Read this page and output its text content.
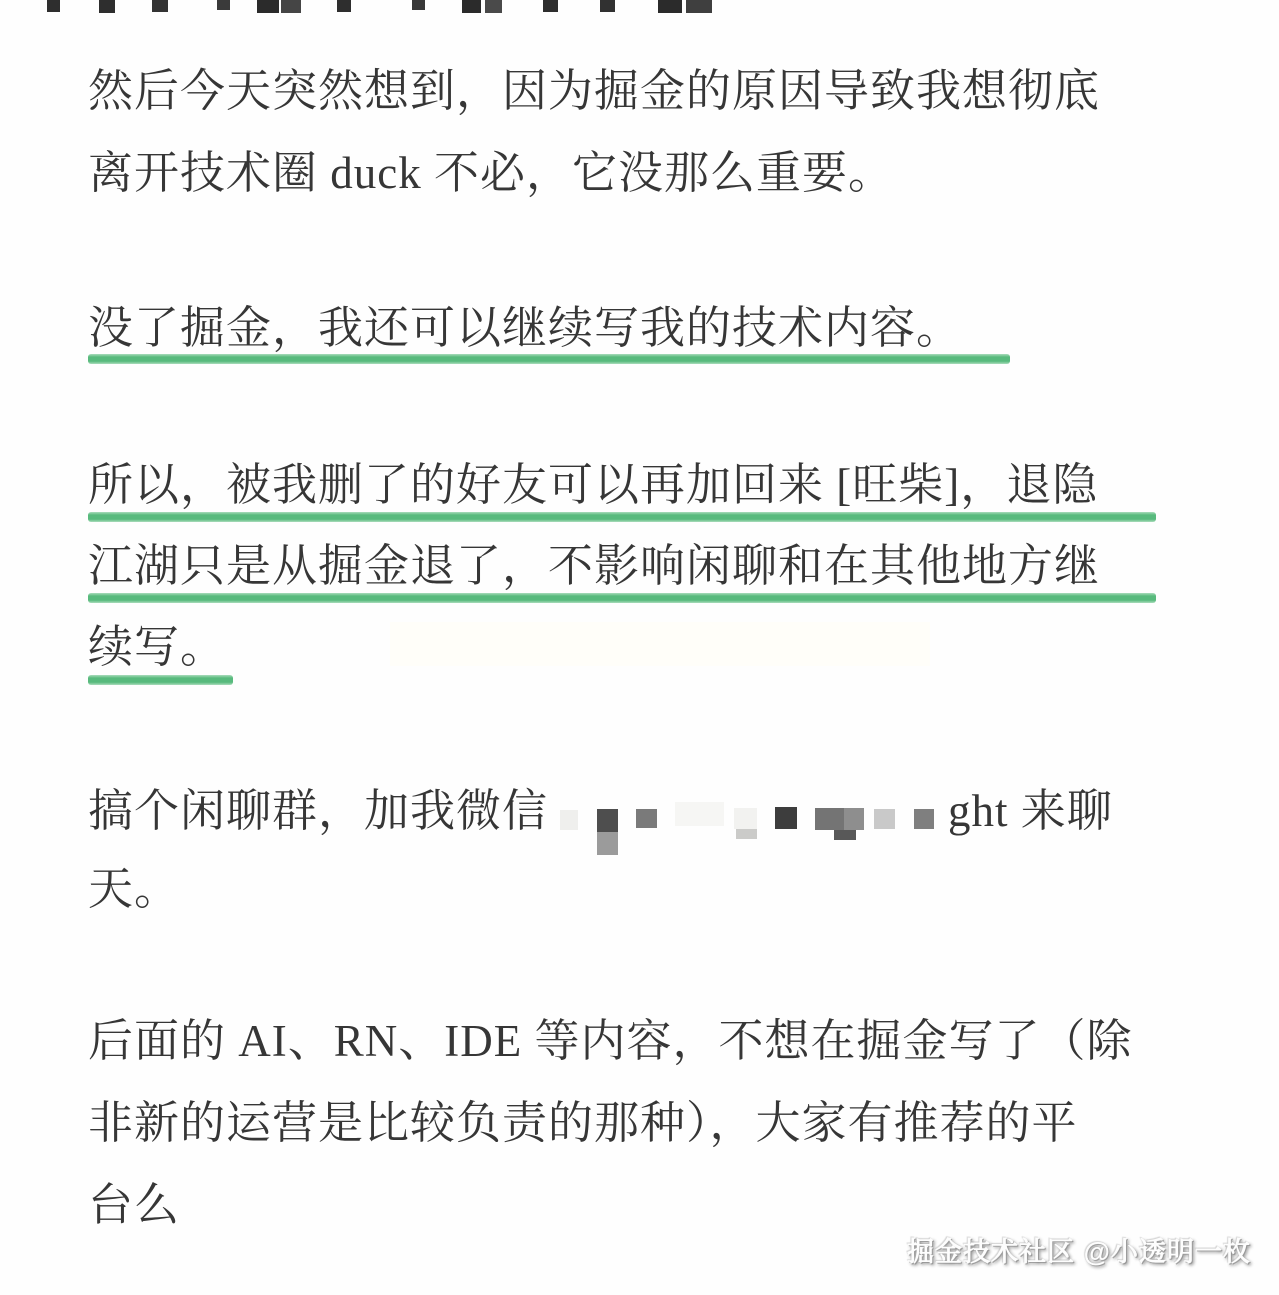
然后今天突然想到，因为掘金的原因导致我想彻底
离开技术圈 duck 不必，它没那么重要。
没了掘金，我还可以继续写我的技术内容。
所以，被我删了的好友可以再加回来 [旺柴]，退隐
江湖只是从掘金退了，不影响闲聊和在其他地方继
续写。
搞个闲聊群，加我微信	ght 来聊
天。
后面的 AI、RN、IDE 等内容，不想在掘金写了（除
非新的运营是比较负责的那种），大家有推荐的平
台么
掘金技术社区 @小透明一枚
